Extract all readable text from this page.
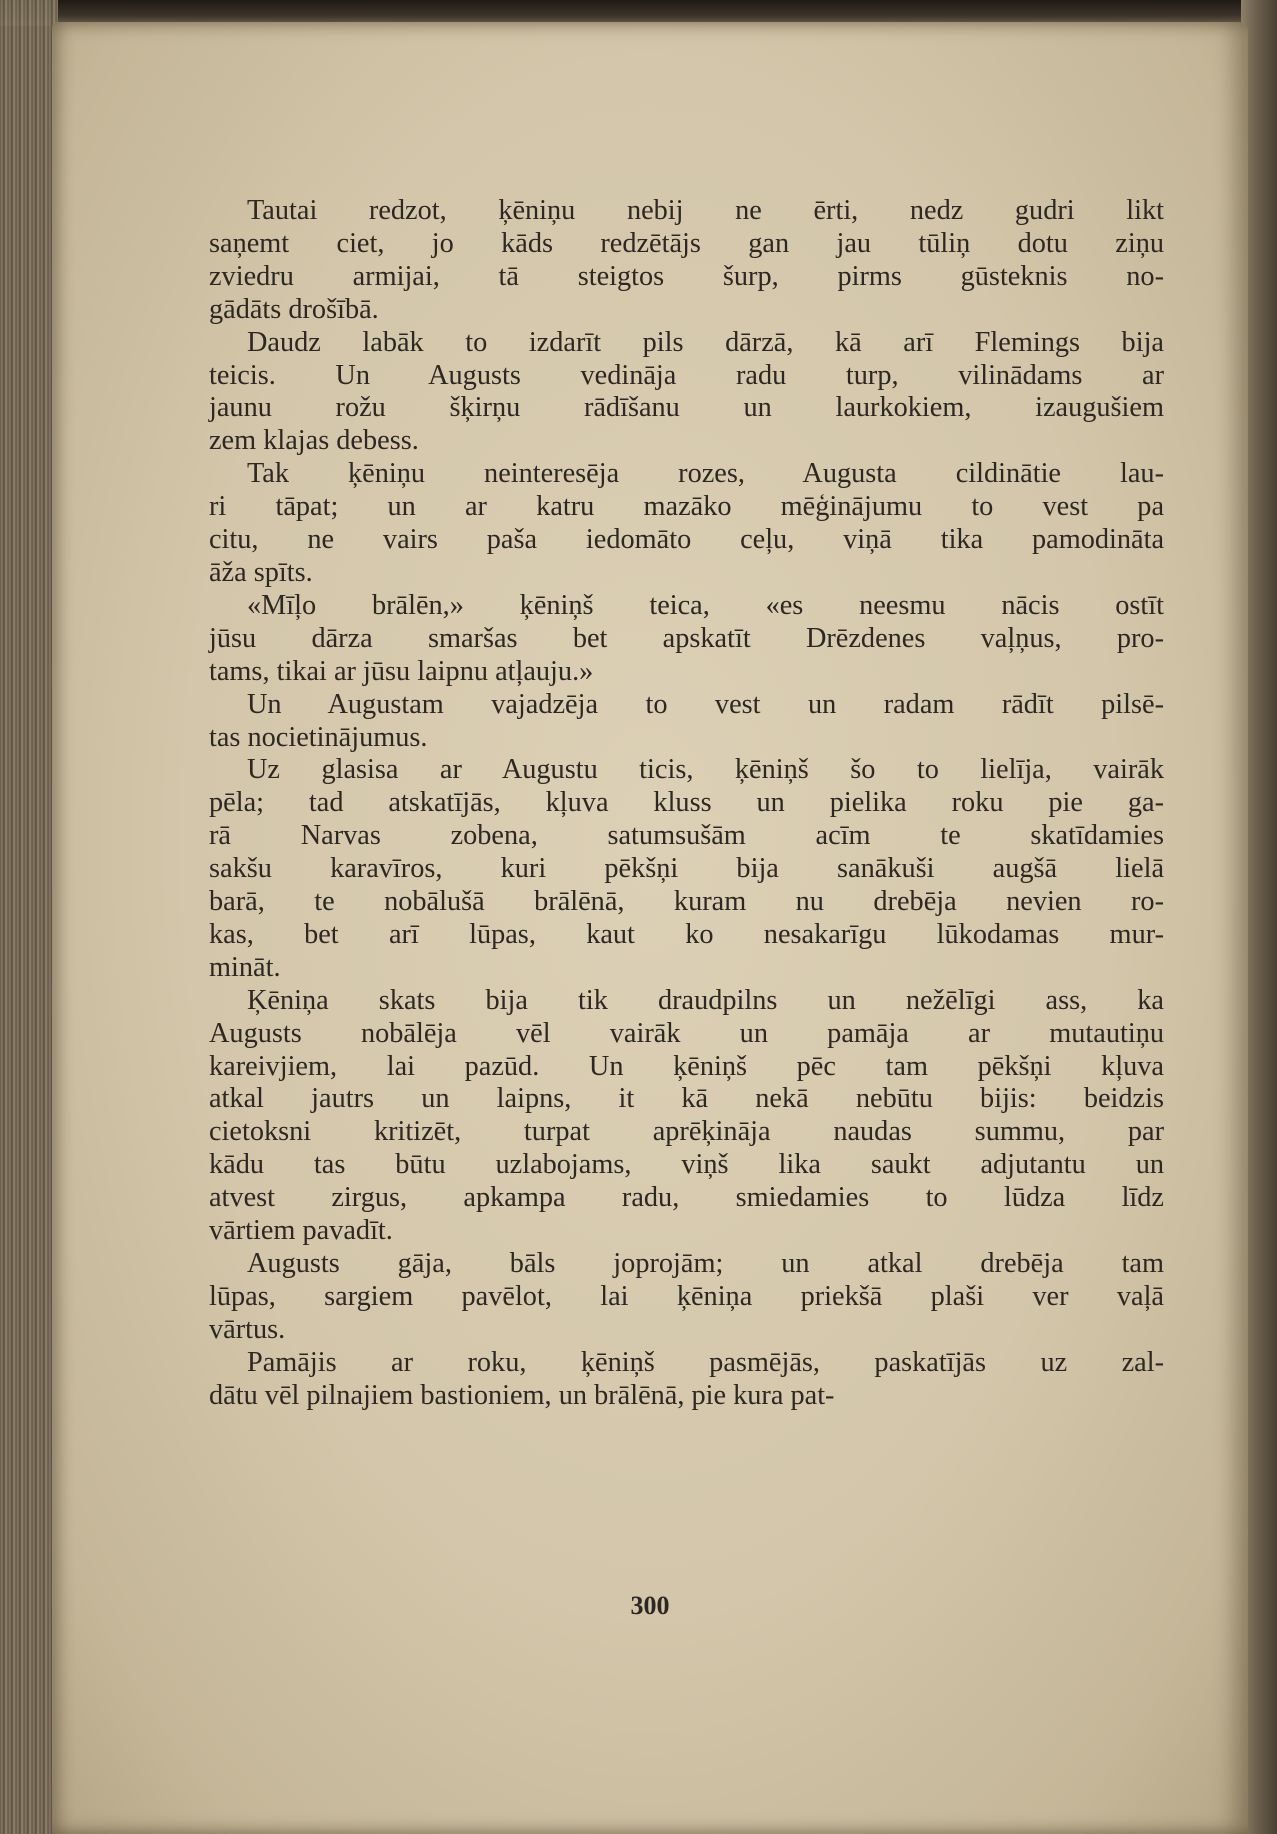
Tautai redzot, ķēniņu nebij ne ērti, nedz gudri likt
saņemt ciet, jo kāds redzētājs gan jau tūliņ dotu ziņu
zviedru armijai, tā steigtos šurp, pirms gūsteknis no-
gādāts drošībā.
Daudz labāk to izdarīt pils dārzā, kā arī Flemings bija
teicis. Un Augusts vedināja radu turp, vilinādams ar
jaunu rožu šķirņu rādīšanu un laurkokiem, izaugušiem
zem klajas debess.
Tak ķēniņu neinteresēja rozes, Augusta cildinātie lau-
ri tāpat; un ar katru mazāko mēģinājumu to vest pa
citu, ne vairs paša iedomāto ceļu, viņā tika pamodināta
āža spīts.
«Mīļo brālēn,» ķēniņš teica, «es neesmu nācis ostīt
jūsu dārza smaršas bet apskatīt Drēzdenes vaļņus, pro-
tams, tikai ar jūsu laipnu atļauju.»
Un Augustam vajadzēja to vest un radam rādīt pilsē-
tas nocietinājumus.
Uz glasisa ar Augustu ticis, ķēniņš šo to lielīja, vairāk
pēla; tad atskatījās, kļuva kluss un pielika roku pie ga-
rā Narvas zobena, satumsušām acīm te skatīdamies
sakšu karavīros, kuri pēkšņi bija sanākuši augšā lielā
barā, te nobālušā brālēnā, kuram nu drebēja nevien ro-
kas, bet arī lūpas, kaut ko nesakarīgu lūkodamas mur-
mināt.
Ķēniņa skats bija tik draudpilns un nežēlīgi ass, ka
Augusts nobālēja vēl vairāk un pamāja ar mutautiņu
kareivjiem, lai pazūd. Un ķēniņš pēc tam pēkšņi kļuva
atkal jautrs un laipns, it kā nekā nebūtu bijis: beidzis
cietoksni kritizēt, turpat aprēķināja naudas summu, par
kādu tas būtu uzlabojams, viņš lika saukt adjutantu un
atvest zirgus, apkampa radu, smiedamies to lūdza līdz
vārtiem pavadīt.
Augusts gāja, bāls joprojām; un atkal drebēja tam
lūpas, sargiem pavēlot, lai ķēniņa priekšā plaši ver vaļā
vārtus.
Pamājis ar roku, ķēniņš pasmējās, paskatījās uz zal-
dātu vēl pilnajiem bastioniem, un brālēnā, pie kura pat-
300
